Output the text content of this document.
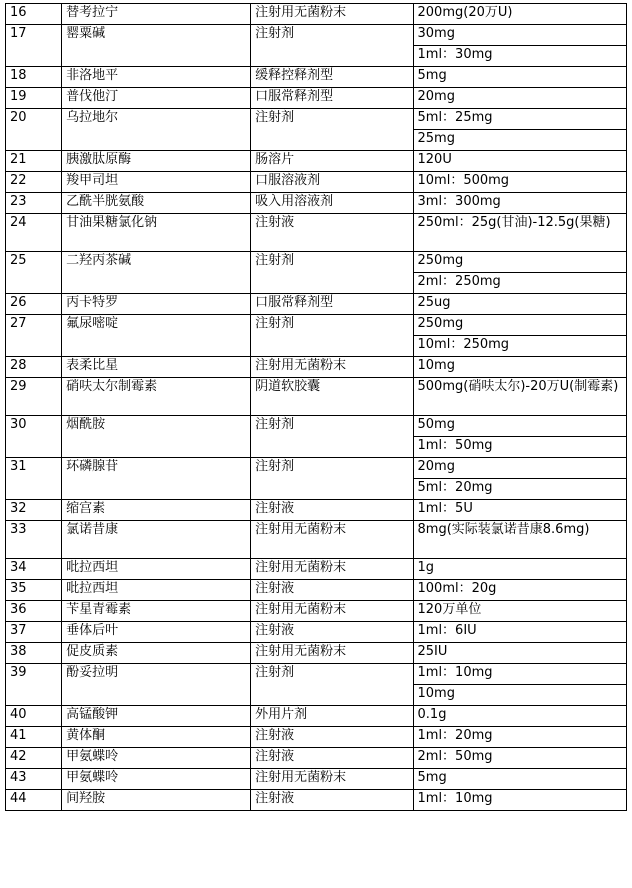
16	替考拉宁	注射用无菌粉末	200mg(20万U)
17	罂粟碱	注射剂	30mg
			1ml：30mg
18	非洛地平	缓释控释剂型	5mg
19	普伐他汀	口服常释剂型	20mg
20	乌拉地尔	注射剂	5ml：25mg
			25mg
21	胰激肽原酶	肠溶片	120U
22	羧甲司坦	口服溶液剂	10ml：500mg
23	乙酰半胱氨酸	吸入用溶液剂	3ml：300mg
24	甘油果糖氯化钠	注射液	250ml：25g(甘油)-12.5g(果糖)
25	二羟丙茶碱	注射剂	250mg
			2ml：250mg
26	丙卡特罗	口服常释剂型	25ug
27	氟尿嘧啶	注射剂	250mg
			10ml：250mg
28	表柔比星	注射用无菌粉末	10mg
29	硝呋太尔制霉素	阴道软胶囊	500mg(硝呋太尔)-20万U(制霉素)
30	烟酰胺	注射剂	50mg
			1ml：50mg
31	环磷腺苷	注射剂	20mg
			5ml：20mg
32	缩宫素	注射液	1ml：5U
33	氯诺昔康	注射用无菌粉末	8mg(实际装氯诺昔康8.6mg)
34	吡拉西坦	注射用无菌粉末	1g
35	吡拉西坦	注射液	100ml：20g
36	苄星青霉素	注射用无菌粉末	120万单位
37	垂体后叶	注射液	1ml：6IU
38	促皮质素	注射用无菌粉末	25IU
39	酚妥拉明	注射剂	1ml：10mg
			10mg
40	高锰酸钾	外用片剂	0.1g
41	黄体酮	注射液	1ml：20mg
42	甲氨蝶呤	注射液	2ml：50mg
43	甲氨蝶呤	注射用无菌粉末	5mg
44	间羟胺	注射液	1ml：10mg
